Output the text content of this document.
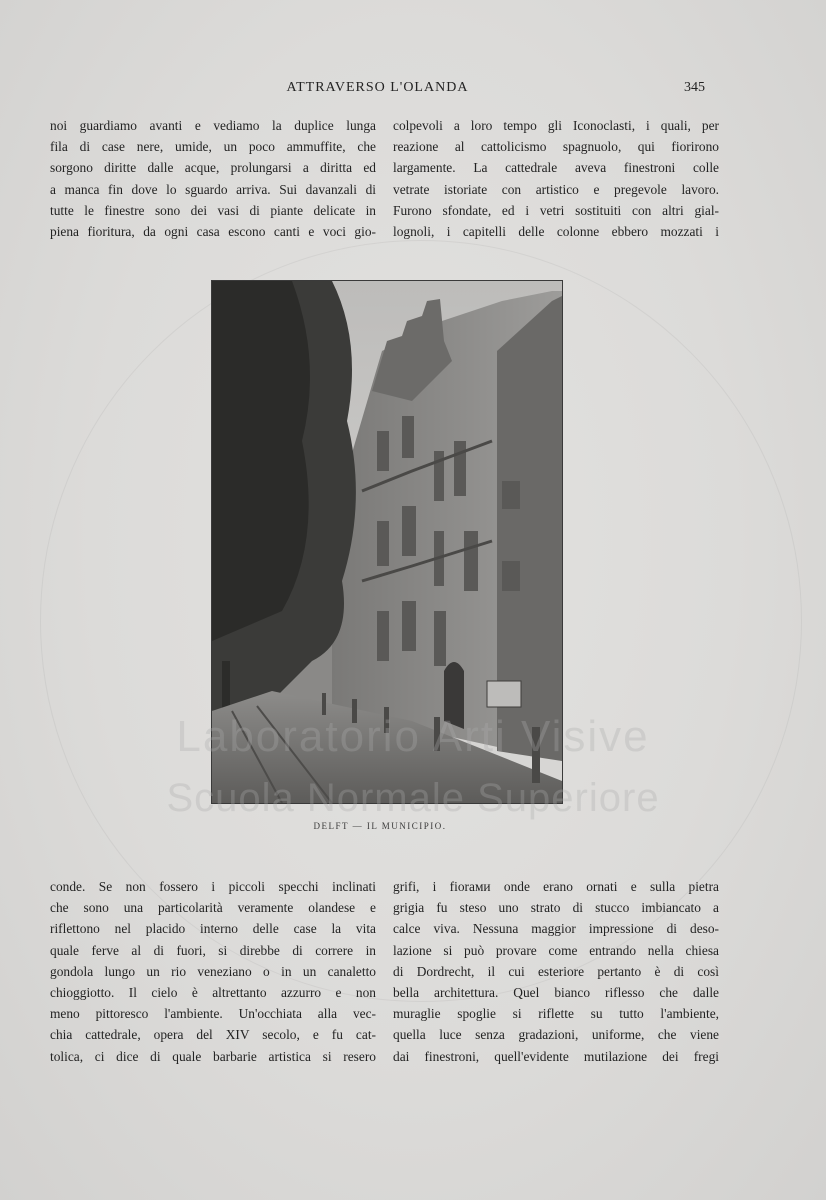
ATTRAVERSO L'OLANDA	345
noi guardiamo avanti e vediamo la duplice lunga
fila di case nere, umide, un poco ammuffite, che
sorgono diritte dalle acque, prolungarsi a diritta ed
a manca fin dove lo sguardo arriva. Sui davanzali di
tutte le finestre sono dei vasi di piante delicate in
piena fioritura, da ogni casa escono canti e voci gio-
colpevoli a loro tempo gli Iconoclasti, i quali, per
reazione al cattolicismo spagnuolo, qui fiorirono
largamente. La cattedrale aveva finestroni colle
vetrate istoriate con artistico e pregevole lavoro.
Furono sfondate, ed i vetri sostituiti con altri gial-
lognoli, i capitelli delle colonne ebbero mozzati i
DELFT — IL MUNICIPIO.
conde. Se non fossero i piccoli specchi inclinati
che sono una particolarità veramente olandese e
riflettono nel placido interno delle case la vita
quale ferve al di fuori, si direbbe di correre in
gondola lungo un rio veneziano o in un canaletto
chioggiotto. Il cielo è altrettanto azzurro e non
meno pittoresco l'ambiente. Un'occhiata alla vec-
chia cattedrale, opera del XIV secolo, e fu cat-
tolica, ci dice di quale barbarie artistica si resero
grifi, i fioraми onde erano ornati e sulla pietra
grigia fu steso uno strato di stucco imbiancato a
calce viva. Nessuna maggior impressione di deso-
lazione si può provare come entrando nella chiesa
di Dordrecht, il cui esteriore pertanto è di così
bella architettura. Quel bianco riflesso che dalle
muraglie spoglie si riflette su tutto l'ambiente,
quella luce senza gradazioni, uniforme, che viene
dai finestroni, quell'evidente mutilazione dei fregi
Laboratorio Arti Visive
Scuola Normale Superiore
